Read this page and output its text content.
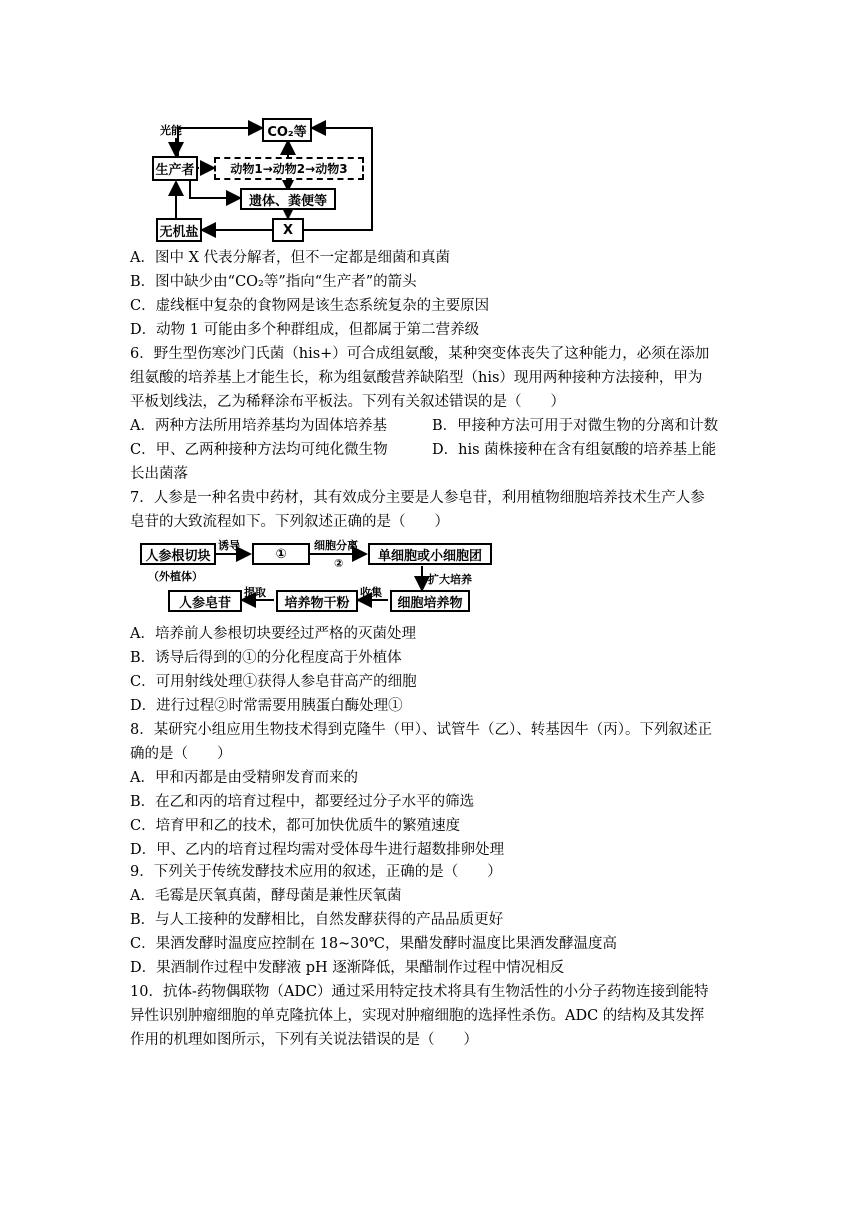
光能	CO₂等
生产者	动物1→动物2→动物3
遗体、粪便等
无机盐	X
A．图中 X 代表分解者，但不一定都是细菌和真菌
B．图中缺少由“CO₂等”指向“生产者”的箭头
C．虚线框中复杂的食物网是该生态系统复杂的主要原因
D．动物 1 可能由多个种群组成，但都属于第二营养级
6．野生型伤寒沙门氏菌（his+）可合成组氨酸，某种突变体丧失了这种能力，必须在添加
组氨酸的培养基上才能生长，称为组氨酸营养缺陷型（his）现用两种接种方法接种，甲为
平板划线法，乙为稀释涂布平板法。下列有关叙述错误的是（　　）
A．两种方法所用培养基均为固体培养基	B．甲接种方法可用于对微生物的分离和计数
C．甲、乙两种接种方法均可纯化微生物	D．his 菌株接种在含有组氨酸的培养基上能
长出菌落
7．人参是一种名贵中药材，其有效成分主要是人参皂苷，利用植物细胞培养技术生产人参
皂苷的大致流程如下。下列叙述正确的是（　　）
人参根切块
（外植体）
诱导
①
细胞分离
②	单细胞或小细胞团
扩大培养
细胞培养物
收集
培养物干粉
提取
人参皂苷
A．培养前人参根切块要经过严格的灭菌处理
B．诱导后得到的①的分化程度高于外植体
C．可用射线处理①获得人参皂苷高产的细胞
D．进行过程②时常需要用胰蛋白酶处理①
8．某研究小组应用生物技术得到克隆牛（甲）、试管牛（乙）、转基因牛（丙）。下列叙述正
确的是（　　）
A．甲和丙都是由受精卵发育而来的
B．在乙和丙的培育过程中，都要经过分子水平的筛选
C．培育甲和乙的技术，都可加快优质牛的繁殖速度
D．甲、乙内的培育过程均需对受体母牛进行超数排卵处理
9．下列关于传统发酵技术应用的叙述，正确的是（　　）
A．毛霉是厌氧真菌，酵母菌是兼性厌氧菌
B．与人工接种的发酵相比，自然发酵获得的产品品质更好
C．果酒发酵时温度应控制在 18~30℃，果醋发酵时温度比果酒发酵温度高
D．果酒制作过程中发酵液 pH 逐渐降低，果醋制作过程中情况相反
10．抗体-药物偶联物（ADC）通过采用特定技术将具有生物活性的小分子药物连接到能特
异性识别肿瘤细胞的单克隆抗体上，实现对肿瘤细胞的选择性杀伤。ADC 的结构及其发挥
作用的机理如图所示，下列有关说法错误的是（　　）
